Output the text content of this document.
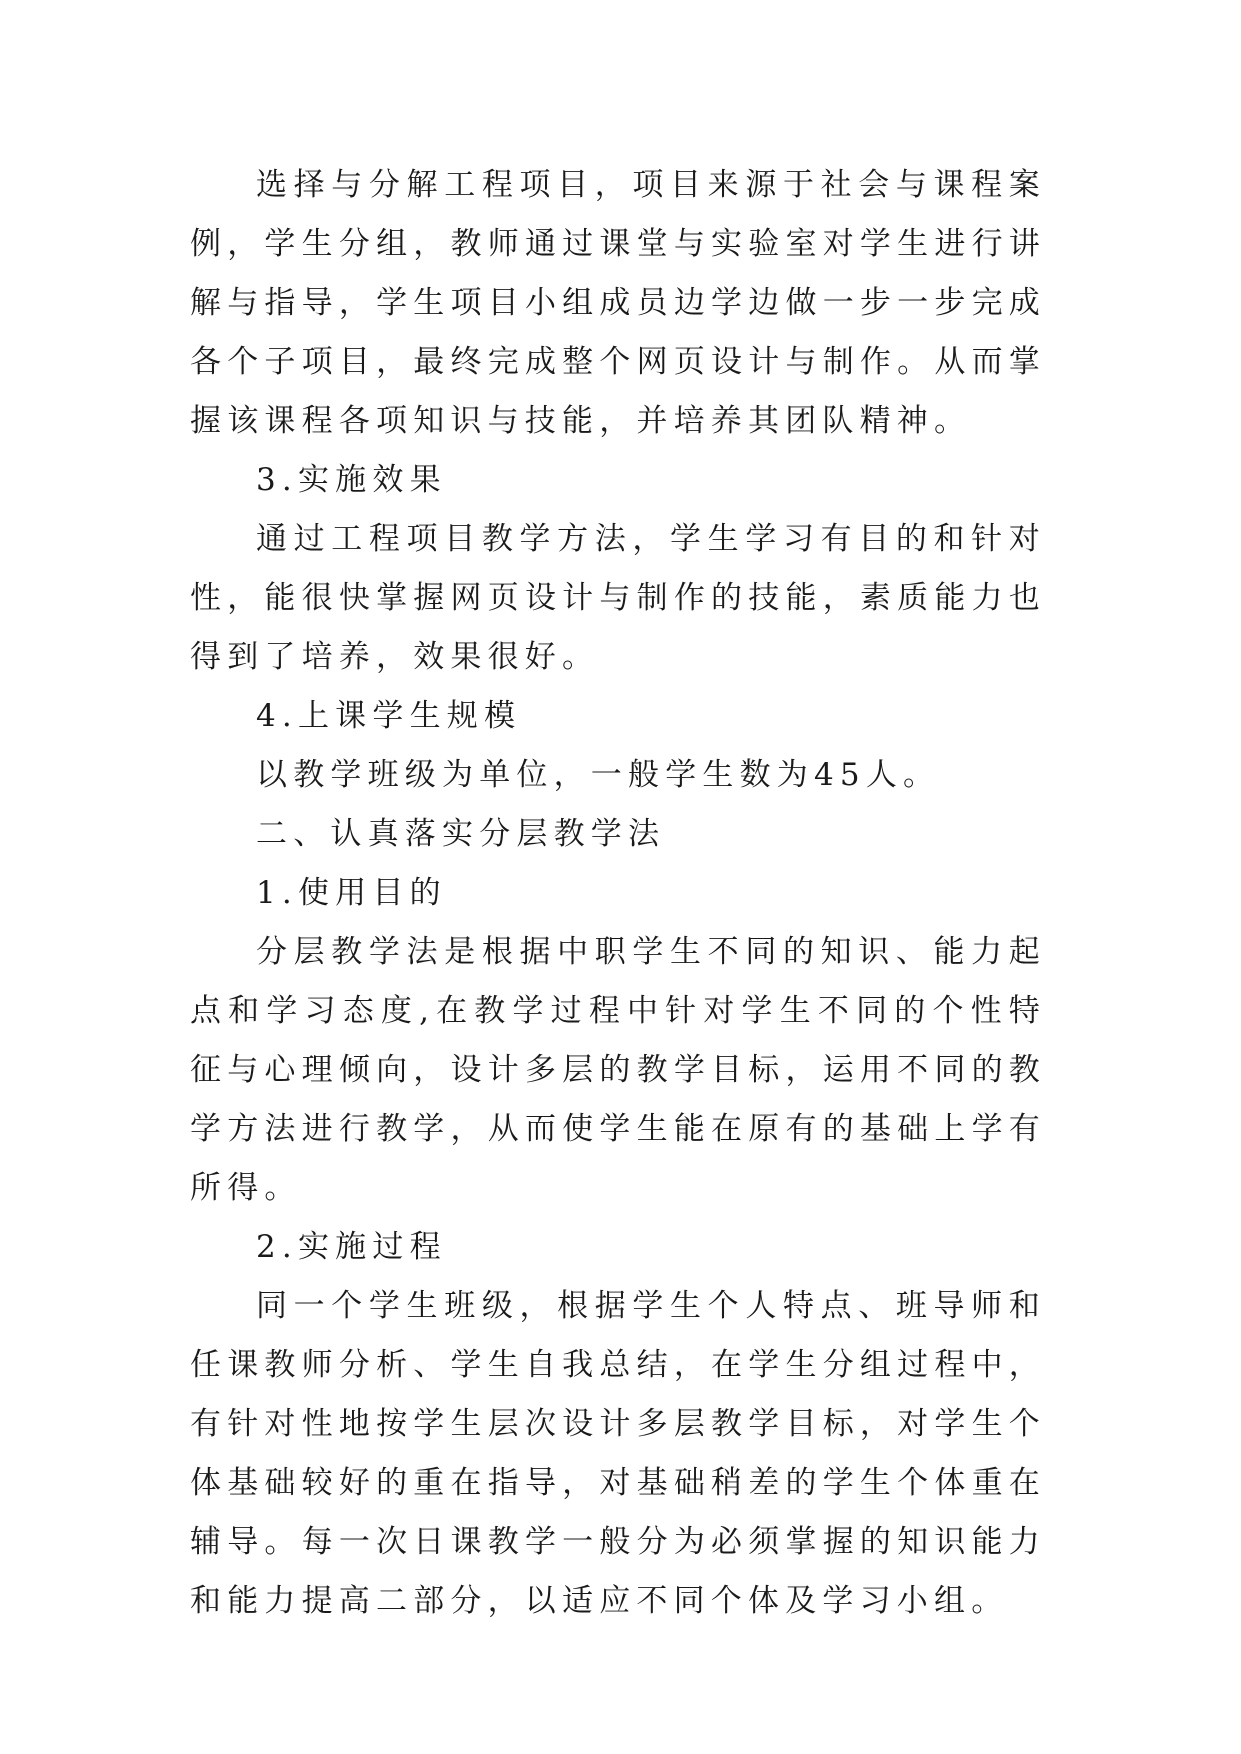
选择与分解工程项目，项目来源于社会与课程案例，学生分组，教师通过课堂与实验室对学生进行讲解与指导，学生项目小组成员边学边做一步一步完成各个子项目，最终完成整个网页设计与制作。从而掌握该课程各项知识与技能，并培养其团队精神。

3.实施效果

通过工程项目教学方法，学生学习有目的和针对性，能很快掌握网页设计与制作的技能，素质能力也得到了培养，效果很好。

4.上课学生规模

以教学班级为单位，一般学生数为45人。

二、认真落实分层教学法

1.使用目的

分层教学法是根据中职学生不同的知识、能力起点和学习态度,在教学过程中针对学生不同的个性特征与心理倾向，设计多层的教学目标，运用不同的教学方法进行教学，从而使学生能在原有的基础上学有所得。

2.实施过程

同一个学生班级，根据学生个人特点、班导师和任课教师分析、学生自我总结，在学生分组过程中，有针对性地按学生层次设计多层教学目标，对学生个体基础较好的重在指导，对基础稍差的学生个体重在辅导。每一次日课教学一般分为必须掌握的知识能力和能力提高二部分，以适应不同个体及学习小组。
